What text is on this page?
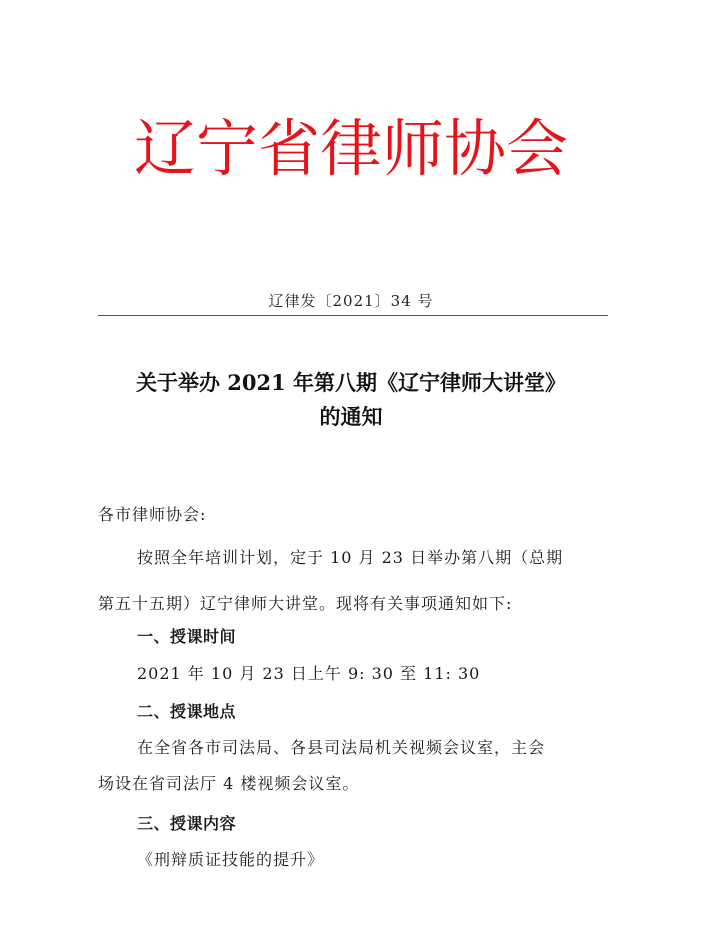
辽宁省律师协会
辽律发〔2021〕34 号
关于举办 2021 年第八期《辽宁律师大讲堂》
的通知
各市律师协会:
按照全年培训计划，定于 10 月 23 日举办第八期（总期
第五十五期）辽宁律师大讲堂。现将有关事项通知如下:
一、授课时间
2021 年 10 月 23 日上午 9: 30 至 11: 30
二、授课地点
在全省各市司法局、各县司法局机关视频会议室，主会
场设在省司法厅 4 楼视频会议室。
三、授课内容
《刑辩质证技能的提升》
